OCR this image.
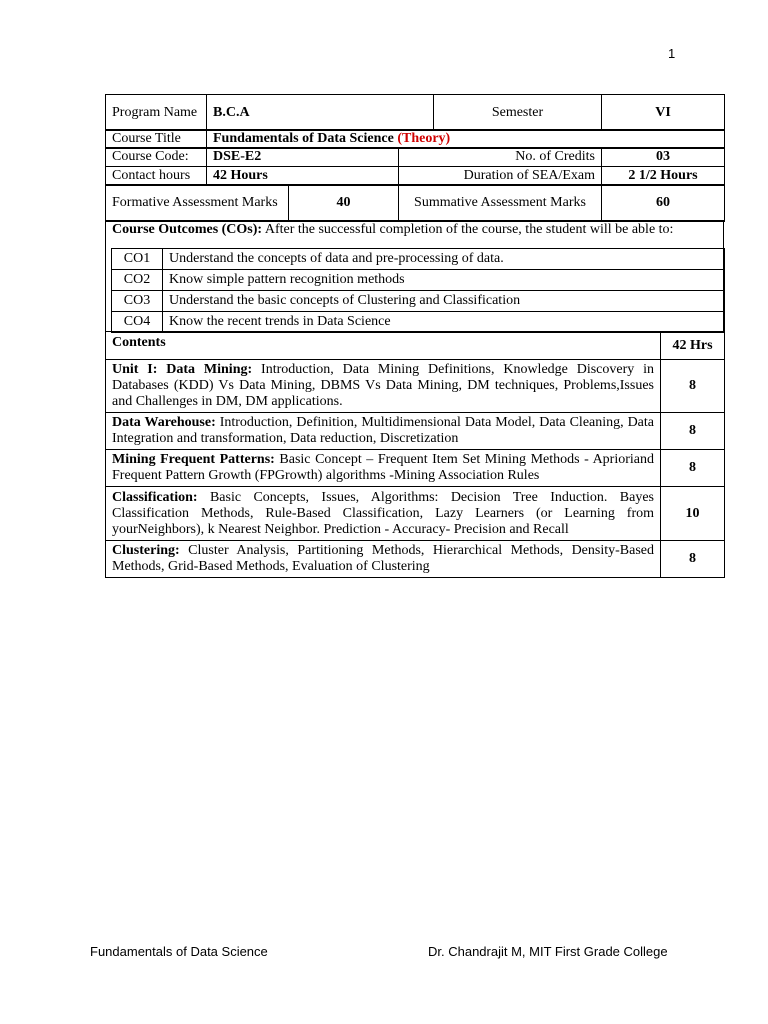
1
Program Name	B.C.A	Semester	VI
Course Title	Fundamentals of Data Science (Theory)
Course Code:	DSE-E2	No. of Credits	03
Contact hours	42 Hours	Duration of SEA/Exam	2 1/2 Hours
Formative Assessment Marks	40	Summative Assessment Marks	60
Course Outcomes (COs): After the successful completion of the course, the student will be able to:
CO1	Understand the concepts of data and pre-processing of data.
CO2	Know simple pattern recognition methods
CO3	Understand the basic concepts of Clustering and Classification
CO4	Know the recent trends in Data Science
Contents	42 Hrs
Unit I: Data Mining: Introduction, Data Mining Definitions, Knowledge Discovery in Databases (KDD) Vs Data Mining, DBMS Vs Data Mining, DM techniques, Problems,Issues and Challenges in DM, DM applications.	8
Data Warehouse: Introduction, Definition, Multidimensional Data Model, Data Cleaning, Data Integration and transformation, Data reduction, Discretization	8
Mining Frequent Patterns: Basic Concept – Frequent Item Set Mining Methods - Apriorіand Frequent Pattern Growth (FPGrowth) algorithms -Mining Association Rules	8
Classification: Basic Concepts, Issues, Algorithms: Decision Tree Induction. Bayes Classification Methods, Rule-Based Classification, Lazy Learners (or Learning from yourNeighbors), k Nearest Neighbor. Prediction - Accuracy- Precision and Recall	10
Clustering: Cluster Analysis, Partitioning Methods, Hierarchical Methods, Density-Based Methods, Grid-Based Methods, Evaluation of Clustering	8
Fundamentals of Data Science	Dr. Chandrajit M, MIT First Grade College
